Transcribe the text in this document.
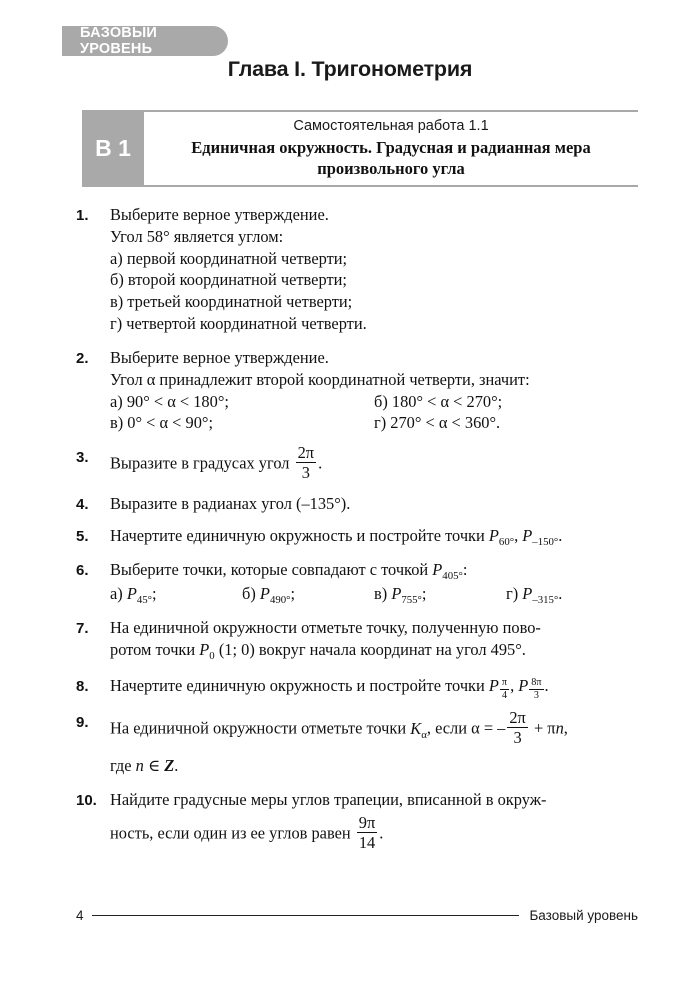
БАЗОВЫЙ УРОВЕНЬ
Глава I. Тригонометрия
В 1
Самостоятельная работа 1.1
Единичная окружность. Градусная и радианная мера
произвольного угла
1.	Выберите верное утверждение.
Угол 58° является углом:
а) первой координатной четверти;
б) второй координатной четверти;
в) третьей координатной четверти;
г) четвертой координатной четверти.
2.	Выберите верное утверждение.
Угол α принадлежит второй координатной четверти, значит:
а) 90° < α < 180°;	б) 180° < α < 270°;
в) 0° < α < 90°;	г) 270° < α < 360°.
3.	Выразите в градусах угол $\frac{2\pi}{3}$ .
4.	Выразите в радианах угол (–135°).
5.	Начертите единичную окружность и постройте точки $P_{60^\circ}$, $P_{-150^\circ}$.
6.	Выберите точки, которые совпадают с точкой $P_{405^\circ}$:
а) $P_{45^\circ}$;	б) $P_{490^\circ}$;	в) $P_{755^\circ}$;	г) $P_{-315^\circ}$.
7.	На единичной окружности отметьте точку, полученную пово-
ротом точки $P_0$ (1; 0) вокруг начала координат на угол 495°.
8.	Начертите единичную окружность и постройте точки P $\frac{\pi}{4}$ , P $\frac{8\pi}{3}$ .
9.	На единичной окружности отметьте точки $K_\alpha$, если α = – $\frac{2\pi}{3} + \pi n$,
где n ∈ Z.
10. Найдите градусные меры углов трапеции, вписанной в окруж-
ность, если один из ее углов равен $\frac{9\pi}{14}$ .
4	Базовый уровень
